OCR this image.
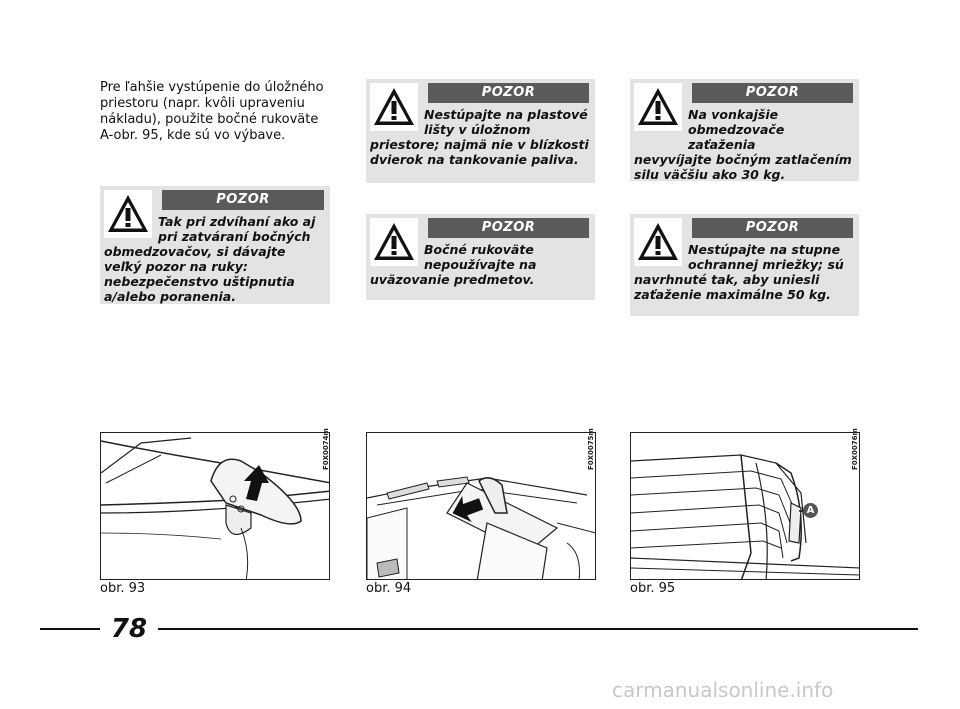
Pre ľahšie vystúpenie do úložného priestoru (napr. kvôli upraveniu nákladu), použite bočné rukoväte A-obr. 95, kde sú vo výbave.
POZOR
Tak pri zdvíhaní ako aj pri zatváraní bočných
obmedzovačov, si dávajte veľký pozor na ruky: nebezpečenstvo uštipnutia a/alebo poranenia.
POZOR
Nestúpajte na plastové lišty v úložnom
priestore; najmä nie v blízkosti dvierok na tankovanie paliva.
POZOR
Bočné rukoväte nepoužívajte na
uväzovanie predmetov.
POZOR
Na vonkajšie obmedzovače zaťaženia
nevyvíjajte bočným zatlačením silu väčšiu ako 30 kg.
POZOR
Nestúpajte na stupne ochrannej mriežky; sú
navrhnuté tak, aby uniesli zaťaženie maximálne 50 kg.
F0X0074m
obr. 93
F0X0075m
obr. 94
A
F0X0076m
obr. 95
78
carmanualsonline.info
